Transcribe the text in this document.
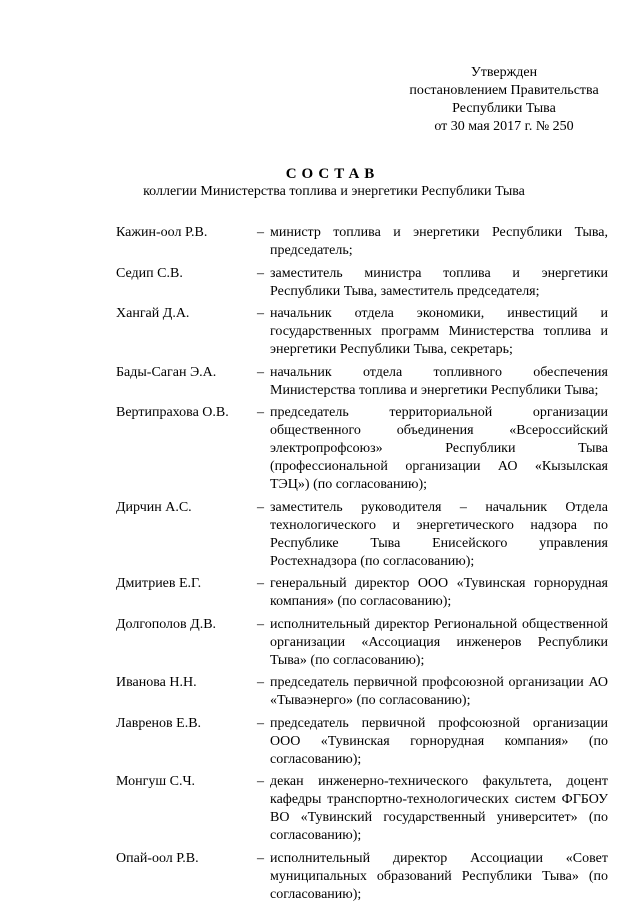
Утвержден
постановлением Правительства
Республики Тыва
от 30 мая 2017 г. № 250
СОСТАВ
коллегии Министерства топлива и энергетики Республики Тыва
Кажин-оол Р.В.	– министр топлива и энергетики Республики Тыва, председатель;
Седип С.В.	– заместитель министра топлива и энергетики Республики Тыва, заместитель председателя;
Хангай Д.А.	– начальник отдела экономики, инвестиций и государственных программ Министерства топлива и энергетики Республики Тыва, секретарь;
Бады-Саган Э.А.	– начальник отдела топливного обеспечения Министерства топлива и энергетики Республики Тыва;
Вертипрахова О.В.	– председатель территориальной организации общественного объединения «Всероссийский электропрофсоюз» Республики Тыва (профессиональной организации АО «Кызылская ТЭЦ») (по согласованию);
Дирчин А.С.	– заместитель руководителя – начальник Отдела технологического и энергетического надзора по Республике Тыва Енисейского управления Ростехнадзора (по согласованию);
Дмитриев Е.Г.	– генеральный директор ООО «Тувинская горнорудная компания» (по согласованию);
Долгополов Д.В.	– исполнительный директор Региональной общественной организации «Ассоциация инженеров Республики Тыва» (по согласованию);
Иванова Н.Н.	– председатель первичной профсоюзной организации АО «Тываэнерго» (по согласованию);
Лавренов Е.В.	– председатель первичной профсоюзной организации ООО «Тувинская горнорудная компания» (по согласованию);
Монгуш С.Ч.	– декан инженерно-технического факультета, доцент кафедры транспортно-технологических систем ФГБОУ ВО «Тувинский государственный университет» (по согласованию);
Опай-оол Р.В.	– исполнительный директор Ассоциации «Совет муниципальных образований Республики Тыва» (по согласованию);
